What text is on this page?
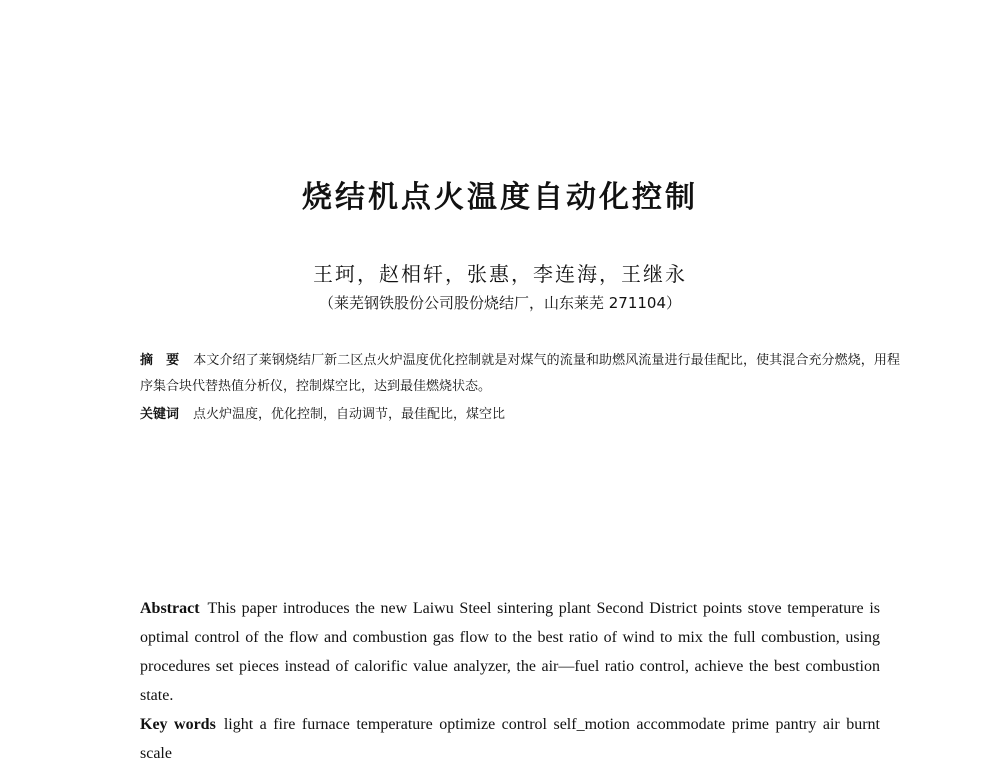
烧结机点火温度自动化控制
王珂，赵相轩，张惠，李连海，王继永
（莱芜钢铁股份公司股份烧结厂，山东莱芜 271104）
摘　要 本文介绍了莱钢烧结厂新二区点火炉温度优化控制就是对煤气的流量和助燃风流量进行最佳配比，使其混合充分燃烧，用程序集合块代替热值分析仪，控制煤空比，达到最佳燃烧状态。
关键词 点火炉温度，优化控制，自动调节，最佳配比，煤空比
Abstract This paper introduces the new Laiwu Steel sintering plant Second District points stove temperature is optimal control of the flow and combustion gas flow to the best ratio of wind to mix the full combustion, using procedures set pieces instead of calorific value analyzer, the air—fuel ratio control, achieve the best combustion state.
Key words light a fire furnace temperature optimize control self_motion accommodate prime pantry air burnt scale
